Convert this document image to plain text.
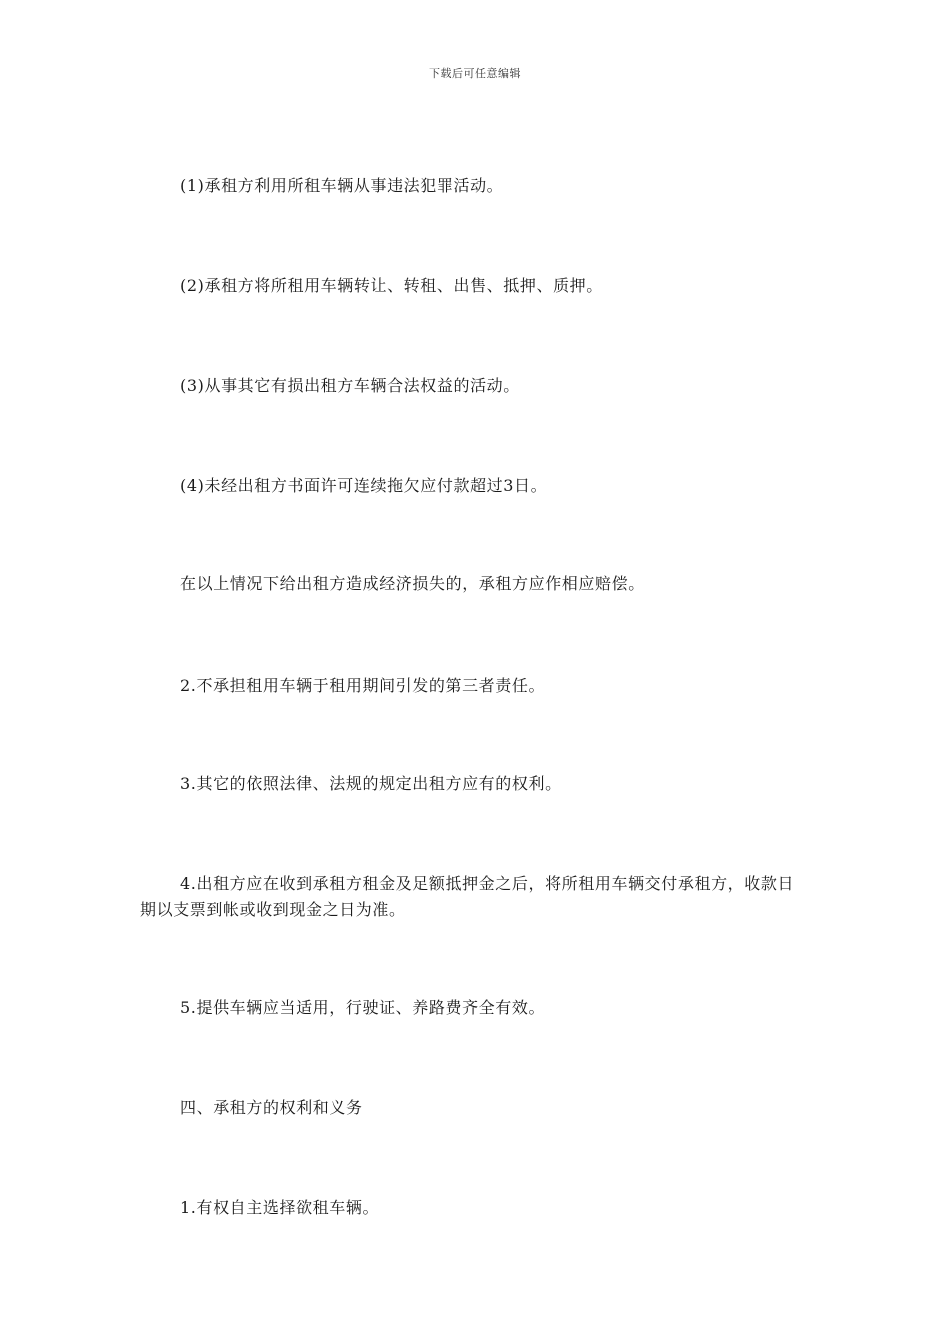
下载后可任意编辑

(1)承租方利用所租车辆从事违法犯罪活动。

(2)承租方将所租用车辆转让、转租、出售、抵押、质押。

(3)从事其它有损出租方车辆合法权益的活动。

(4)未经出租方书面许可连续拖欠应付款超过3日。

在以上情况下给出租方造成经济损失的，承租方应作相应赔偿。

2.不承担租用车辆于租用期间引发的第三者责任。

3.其它的依照法律、法规的规定出租方应有的权利。

4.出租方应在收到承租方租金及足额抵押金之后，将所租用车辆交付承租方，收款日期以支票到帐或收到现金之日为准。

5.提供车辆应当适用，行驶证、养路费齐全有效。

四、承租方的权利和义务

1.有权自主选择欲租车辆。
